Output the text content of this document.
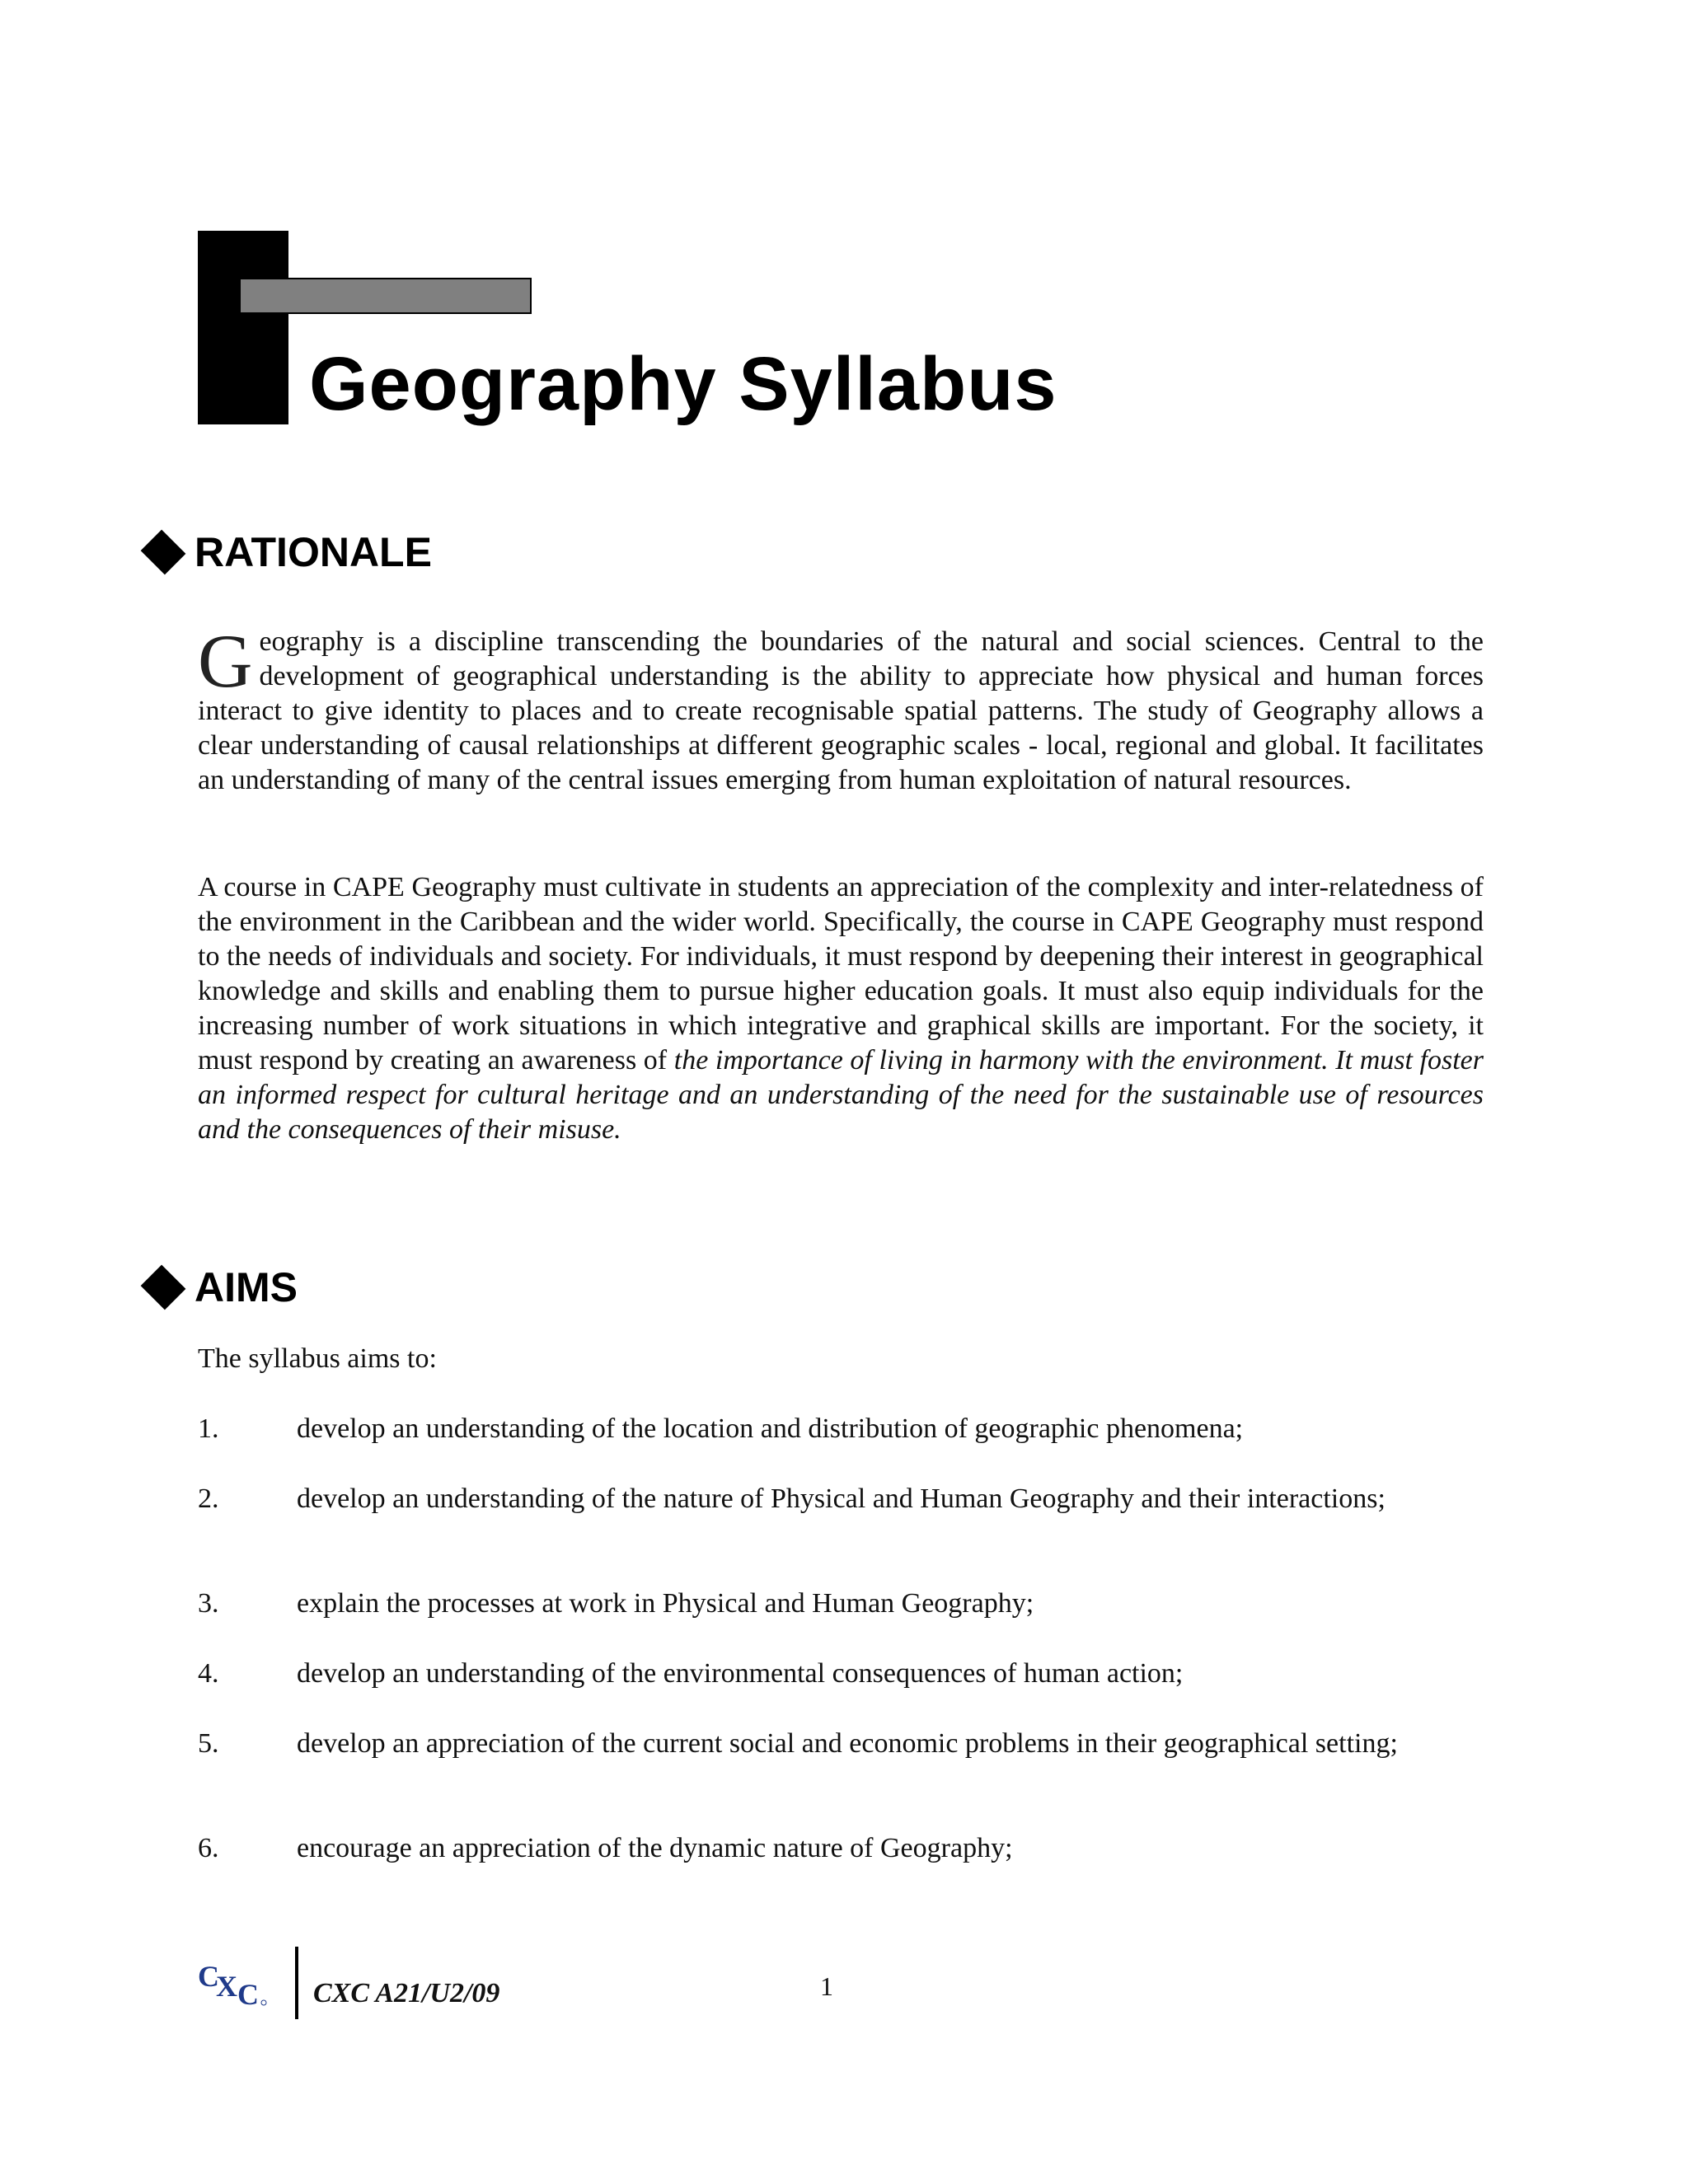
Geography Syllabus
RATIONALE

Geography is a discipline transcending the boundaries of the natural and social sciences. Central to the development of geographical understanding is the ability to appreciate how physical and human forces interact to give identity to places and to create recognisable spatial patterns. The study of Geography allows a clear understanding of causal relationships at different geographic scales - local, regional and global. It facilitates an understanding of many of the central issues emerging from human exploitation of natural resources.

A course in CAPE Geography must cultivate in students an appreciation of the complexity and inter-relatedness of the environment in the Caribbean and the wider world. Specifically, the course in CAPE Geography must respond to the needs of individuals and society. For individuals, it must respond by deepening their interest in geographical knowledge and skills and enabling them to pursue higher education goals. It must also equip individuals for the increasing number of work situations in which integrative and graphical skills are important. For the society, it must respond by creating an awareness of the importance of living in harmony with the environment. It must foster an informed respect for cultural heritage and an understanding of the need for the sustainable use of resources and the consequences of their misuse.

AIMS

The syllabus aims to:

1.	develop an understanding of the location and distribution of geographic phenomena;
2.	develop an understanding of the nature of Physical and Human Geography and their interactions;
3.	explain the processes at work in Physical and Human Geography;
4.	develop an understanding of the environmental consequences of human action;
5.	develop an appreciation of the current social and economic problems in their geographical setting;
6.	encourage an appreciation of the dynamic nature of Geography;
C
X C CXC A21/U2/09	1
